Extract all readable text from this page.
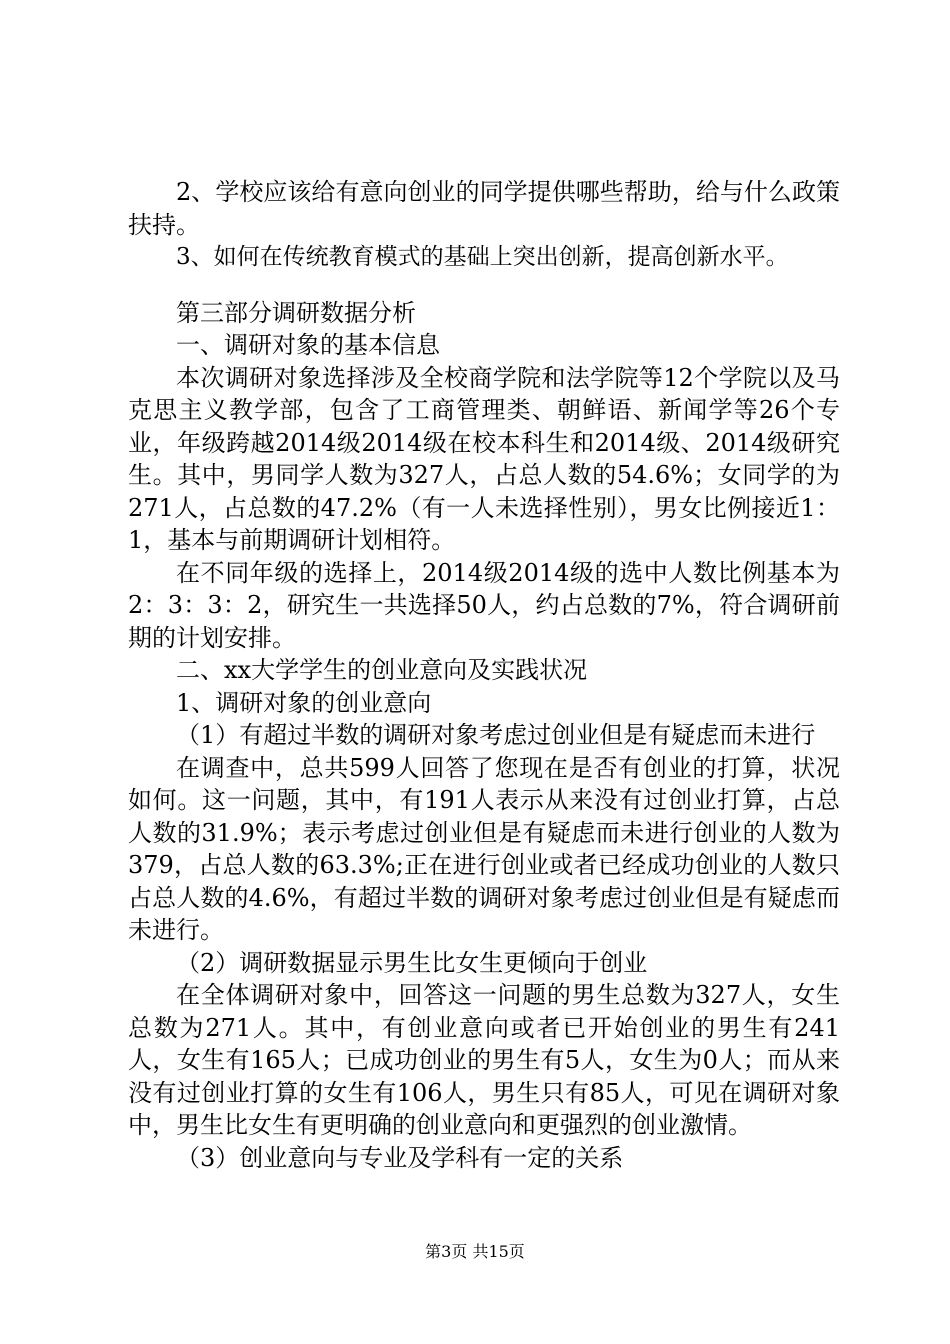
2、学校应该给有意向创业的同学提供哪些帮助，给与什么政策扶持。

3、如何在传统教育模式的基础上突出创新，提高创新水平。

第三部分调研数据分析

一、调研对象的基本信息

本次调研对象选择涉及全校商学院和法学院等12个学院以及马克思主义教学部，包含了工商管理类、朝鲜语、新闻学等26个专业，年级跨越2014级2014级在校本科生和2014级、2014级研究生。其中，男同学人数为327人，占总人数的54.6%；女同学的为271人，占总数的47.2%（有一人未选择性别），男女比例接近1：1，基本与前期调研计划相符。

在不同年级的选择上，2014级2014级的选中人数比例基本为2：3：3：2，研究生一共选择50人，约占总数的7%，符合调研前期的计划安排。

二、xx大学学生的创业意向及实践状况

1、调研对象的创业意向

（1）有超过半数的调研对象考虑过创业但是有疑虑而未进行

在调查中，总共599人回答了您现在是否有创业的打算，状况如何。这一问题，其中，有191人表示从来没有过创业打算，占总人数的31.9%；表示考虑过创业但是有疑虑而未进行创业的人数为379，占总人数的63.3%;正在进行创业或者已经成功创业的人数只占总人数的4.6%，有超过半数的调研对象考虑过创业但是有疑虑而未进行。

（2）调研数据显示男生比女生更倾向于创业

在全体调研对象中，回答这一问题的男生总数为327人，女生总数为271人。其中，有创业意向或者已开始创业的男生有241人，女生有165人；已成功创业的男生有5人，女生为0人；而从来没有过创业打算的女生有106人，男生只有85人，可见在调研对象中，男生比女生有更明确的创业意向和更强烈的创业激情。

（3）创业意向与专业及学科有一定的关系

第3页 共15页
